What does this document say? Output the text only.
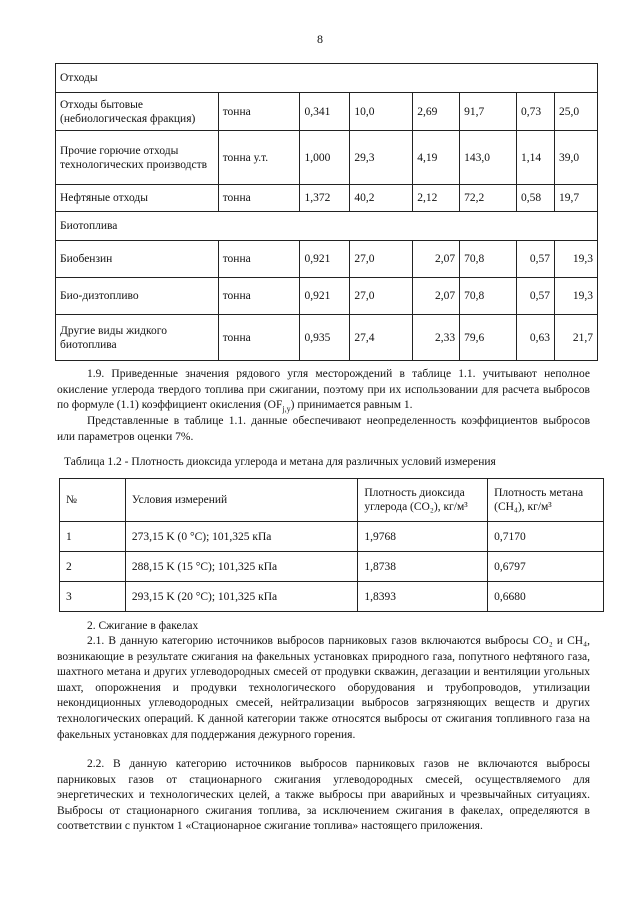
8
Отходы							
Отходы бытовые (небиологическая фракция)	тонна	0,341	10,0	2,69	91,7	0,73	25,0
Прочие горючие отходы технологических производств	тонна у.т.	1,000	29,3	4,19	143,0	1,14	39,0
Нефтяные отходы	тонна	1,372	40,2	2,12	72,2	0,58	19,7
Биотоплива							
Биобензин	тонна	0,921	27,0	2,07	70,8	0,57	19,3
Био-дизтопливо	тонна	0,921	27,0	2,07	70,8	0,57	19,3
Другие виды жидкого биотоплива	тонна	0,935	27,4	2,33	79,6	0,63	21,7
1.9. Приведенные значения рядового угля месторождений в таблице 1.1. учитывают неполное окисление углерода твердого топлива при сжигании, поэтому при их использовании для расчета выбросов по формуле (1.1) коэффициент окисления $(OF_{j,y})$ принимается равным 1.
Представленные в таблице 1.1. данные обеспечивают неопределенность коэффициентов выбросов или параметров оценки 7%.
Таблица 1.2 - Плотность диоксида углерода и метана для различных условий измерения
№	Условия измерений	Плотность диоксида углерода (CO₂), кг/м³	Плотность метана (CH₄), кг/м³
1	273,15 K (0 °C); 101,325 кПа	1,9768	0,7170
2	288,15 K (15 °C); 101,325 кПа	1,8738	0,6797
3	293,15 K (20 °C); 101,325 кПа	1,8393	0,6680
2. Сжигание в факелах
2.1. В данную категорию источников выбросов парниковых газов включаются выбросы CO₂ и CH₄, возникающие в результате сжигания на факельных установках природного газа, попутного нефтяного газа, шахтного метана и других углеводородных смесей от продувки скважин, дегазации и вентиляции угольных шахт, опорожнения и продувки технологического оборудования и трубопроводов, утилизации некондиционных углеводородных смесей, нейтрализации выбросов загрязняющих веществ и других технологических операций. К данной категории также относятся выбросы от сжигания топливного газа на факельных установках для поддержания дежурного горения.
2.2. В данную категорию источников выбросов парниковых газов не включаются выбросы парниковых газов от стационарного сжигания углеводородных смесей, осуществляемого для энергетических и технологических целей, а также выбросы при аварийных и чрезвычайных ситуациях. Выбросы от стационарного сжигания топлива, за исключением сжигания в факелах, определяются в соответствии с пунктом 1 «Стационарное сжигание топлива» настоящего приложения.
